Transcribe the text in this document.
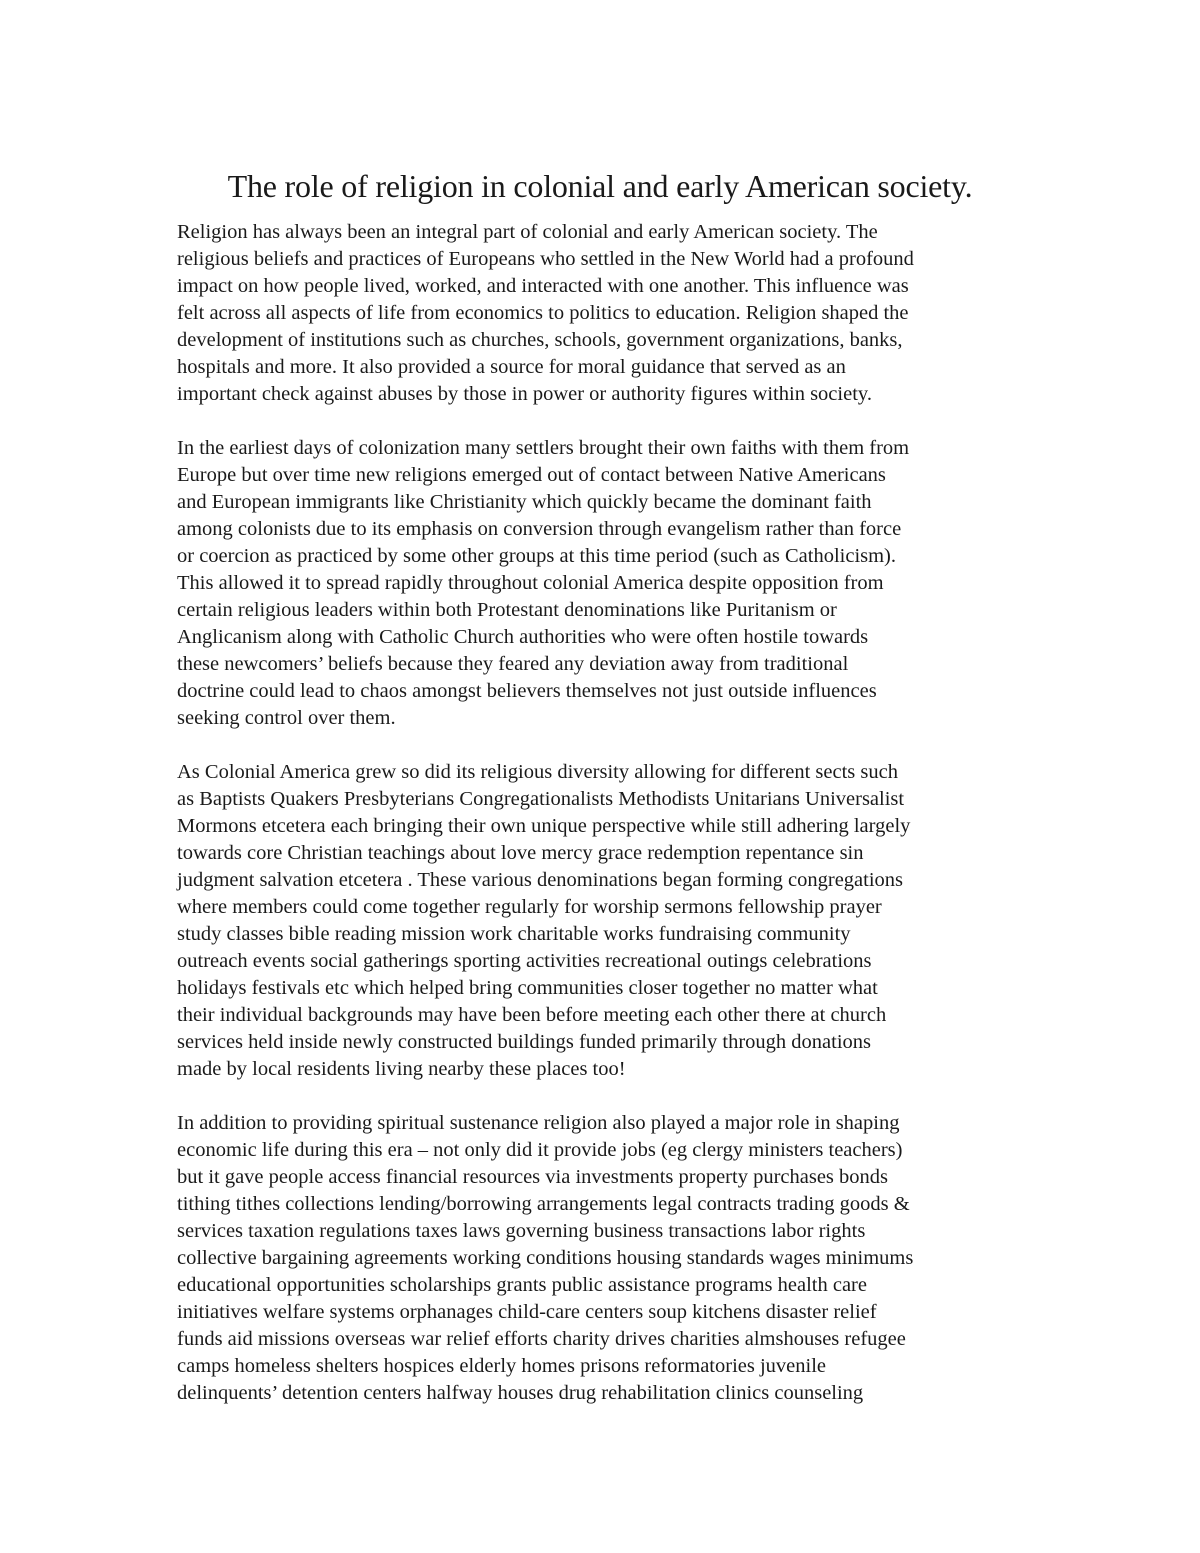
The role of religion in colonial and early American society.
Religion has always been an integral part of colonial and early American society. The
religious beliefs and practices of Europeans who settled in the New World had a profound
impact on how people lived, worked, and interacted with one another. This influence was
felt across all aspects of life from economics to politics to education. Religion shaped the
development of institutions such as churches, schools, government organizations, banks,
hospitals and more. It also provided a source for moral guidance that served as an
important check against abuses by those in power or authority figures within society.
In the earliest days of colonization many settlers brought their own faiths with them from
Europe but over time new religions emerged out of contact between Native Americans
and European immigrants like Christianity which quickly became the dominant faith
among colonists due to its emphasis on conversion through evangelism rather than force
or coercion as practiced by some other groups at this time period (such as Catholicism).
This allowed it to spread rapidly throughout colonial America despite opposition from
certain religious leaders within both Protestant denominations like Puritanism or
Anglicanism along with Catholic Church authorities who were often hostile towards
these newcomers’ beliefs because they feared any deviation away from traditional
doctrine could lead to chaos amongst believers themselves not just outside influences
seeking control over them.
As Colonial America grew so did its religious diversity allowing for different sects such
as Baptists Quakers Presbyterians Congregationalists Methodists Unitarians Universalist
Mormons etcetera each bringing their own unique perspective while still adhering largely
towards core Christian teachings about love mercy grace redemption repentance sin
judgment salvation etcetera . These various denominations began forming congregations
where members could come together regularly for worship sermons fellowship prayer
study classes bible reading mission work charitable works fundraising community
outreach events social gatherings sporting activities recreational outings celebrations
holidays festivals etc which helped bring communities closer together no matter what
their individual backgrounds may have been before meeting each other there at church
services held inside newly constructed buildings funded primarily through donations
made by local residents living nearby these places too!
In addition to providing spiritual sustenance religion also played a major role in shaping
economic life during this era – not only did it provide jobs (eg clergy ministers teachers)
but it gave people access financial resources via investments property purchases bonds
tithing tithes collections lending/borrowing arrangements legal contracts trading goods &
services taxation regulations taxes laws governing business transactions labor rights
collective bargaining agreements working conditions housing standards wages minimums
educational opportunities scholarships grants public assistance programs health care
initiatives welfare systems orphanages child-care centers soup kitchens disaster relief
funds aid missions overseas war relief efforts charity drives charities almshouses refugee
camps homeless shelters hospices elderly homes prisons reformatories juvenile
delinquents’ detention centers halfway houses drug rehabilitation clinics counseling
